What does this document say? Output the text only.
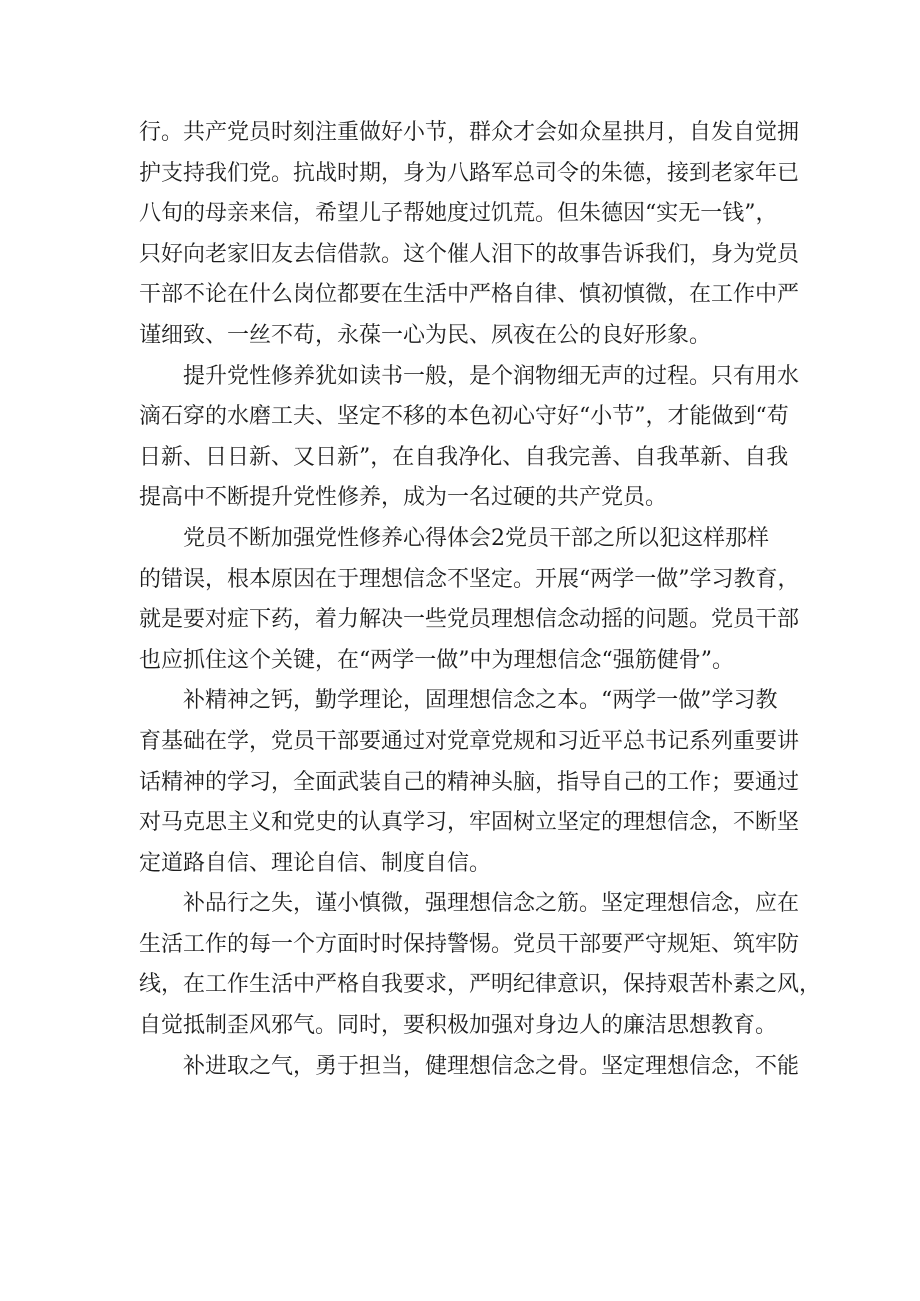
行。共产党员时刻注重做好小节，群众才会如众星拱月，自发自觉拥
护支持我们党。抗战时期，身为八路军总司令的朱德，接到老家年已
八旬的母亲来信，希望儿子帮她度过饥荒。但朱德因“实无一钱”，
只好向老家旧友去信借款。这个催人泪下的故事告诉我们，身为党员
干部不论在什么岗位都要在生活中严格自律、慎初慎微，在工作中严
谨细致、一丝不苟，永葆一心为民、夙夜在公的良好形象。

提升党性修养犹如读书一般，是个润物细无声的过程。只有用水
滴石穿的水磨工夫、坚定不移的本色初心守好“小节”，才能做到“苟
日新、日日新、又日新”，在自我净化、自我完善、自我革新、自我
提高中不断提升党性修养，成为一名过硬的共产党员。

党员不断加强党性修养心得体会2党员干部之所以犯这样那样
的错误，根本原因在于理想信念不坚定。开展“两学一做”学习教育，
就是要对症下药，着力解决一些党员理想信念动摇的问题。党员干部
也应抓住这个关键，在“两学一做”中为理想信念“强筋健骨”。

补精神之钙，勤学理论，固理想信念之本。“两学一做”学习教
育基础在学，党员干部要通过对党章党规和习近平总书记系列重要讲
话精神的学习，全面武装自己的精神头脑，指导自己的工作；要通过
对马克思主义和党史的认真学习，牢固树立坚定的理想信念，不断坚
定道路自信、理论自信、制度自信。

补品行之失，谨小慎微，强理想信念之筋。坚定理想信念，应在
生活工作的每一个方面时时保持警惕。党员干部要严守规矩、筑牢防
线，在工作生活中严格自我要求，严明纪律意识，保持艰苦朴素之风，
自觉抵制歪风邪气。同时，要积极加强对身边人的廉洁思想教育。

补进取之气，勇于担当，健理想信念之骨。坚定理想信念，不能
